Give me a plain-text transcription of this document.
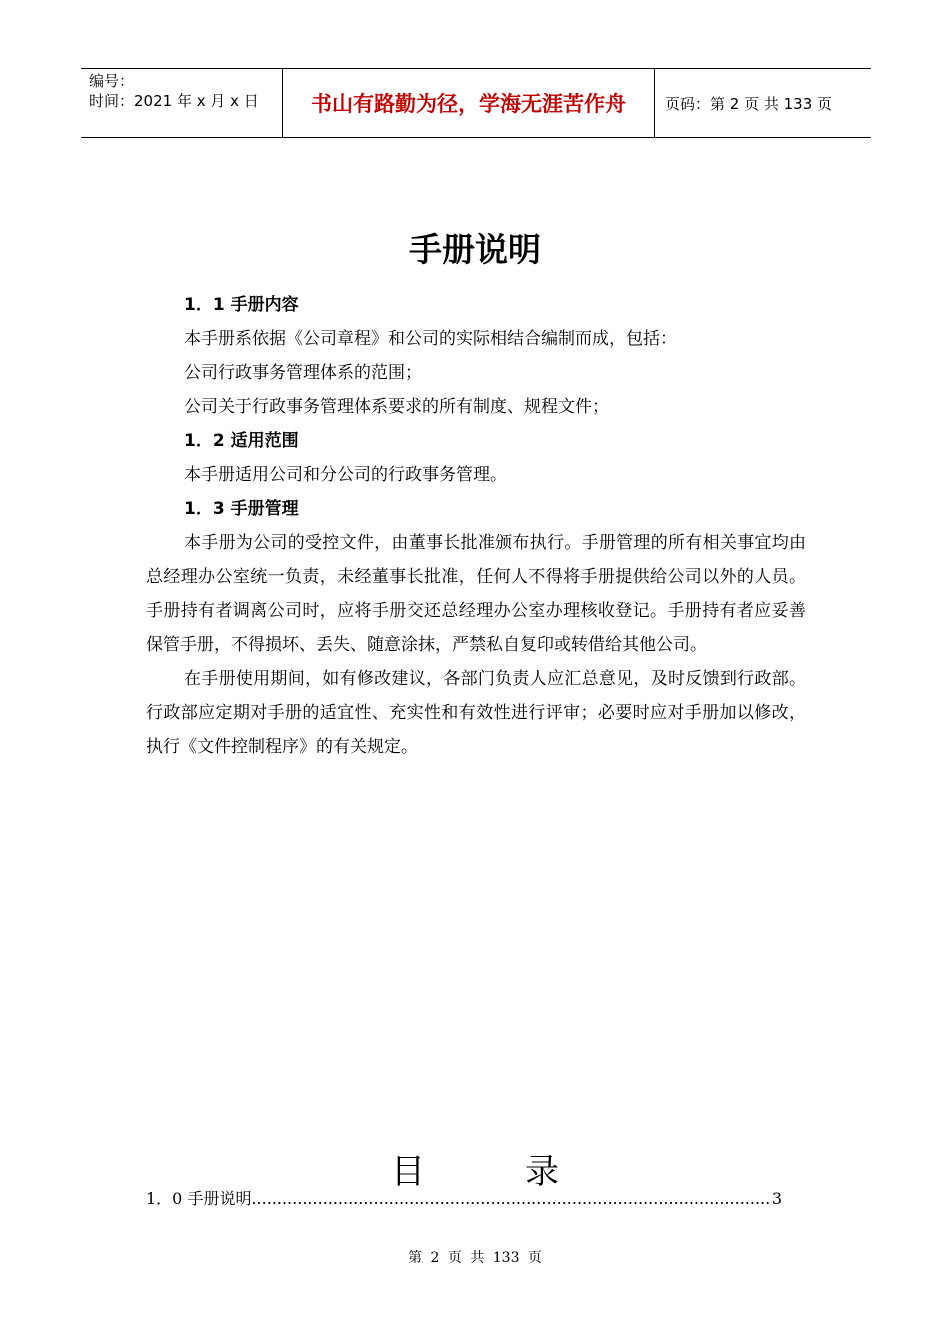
编号：
时间：2021 年 x 月 x 日	书山有路勤为径，学海无涯苦作舟	页码：第 2 页 共 133 页
手册说明

1．1 手册内容

本手册系依据《公司章程》和公司的实际相结合编制而成，包括：

公司行政事务管理体系的范围；

公司关于行政事务管理体系要求的所有制度、规程文件；

1．2 适用范围

本手册适用公司和分公司的行政事务管理。

1．3 手册管理

本手册为公司的受控文件，由董事长批准颁布执行。手册管理的所有相关事宜均由总经理办公室统一负责，未经董事长批准，任何人不得将手册提供给公司以外的人员。手册持有者调离公司时，应将手册交还总经理办公室办理核收登记。手册持有者应妥善保管手册，不得损坏、丢失、随意涂抹，严禁私自复印或转借给其他公司。

在手册使用期间，如有修改建议，各部门负责人应汇总意见，及时反馈到行政部。行政部应定期对手册的适宜性、充实性和有效性进行评审；必要时应对手册加以修改，执行《文件控制程序》的有关规定。

目录
1．0 手册说明
.....	3
第 2 页 共 133 页
